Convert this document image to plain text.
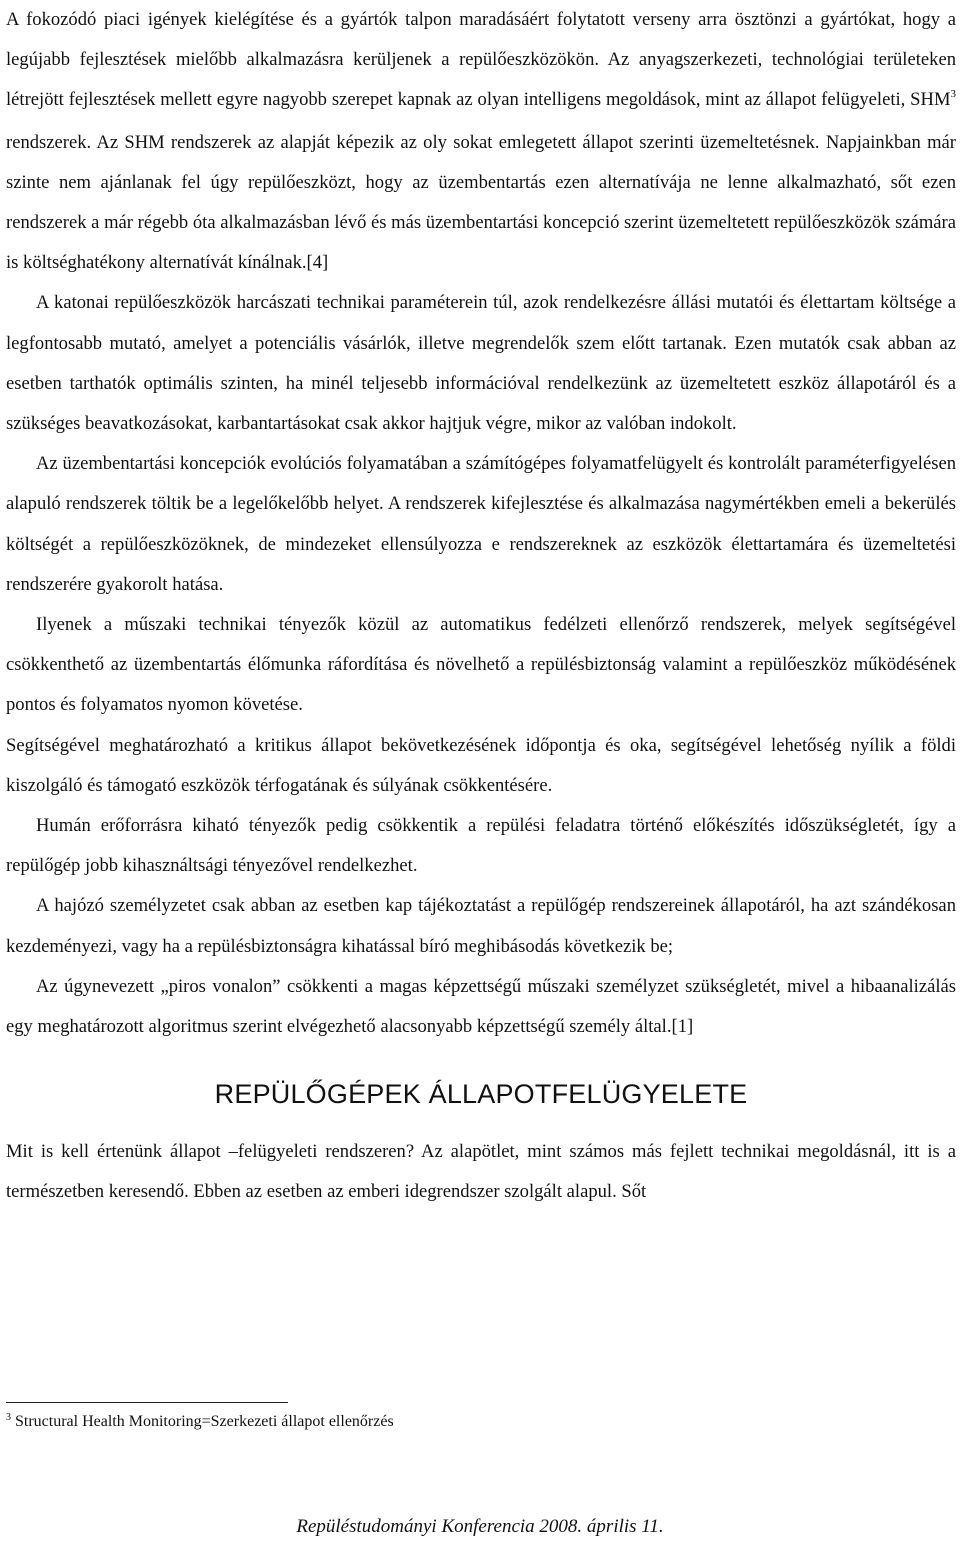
A fokozódó piaci igények kielégítése és a gyártók talpon maradásáért folytatott verseny arra ösztönzi a gyártókat, hogy a legújabb fejlesztések mielőbb alkalmazásra kerüljenek a repülőeszközökön. Az anyagszerkezeti, technológiai területeken létrejött fejlesztések mellett egyre nagyobb szerepet kapnak az olyan intelligens megoldások, mint az állapot felügyeleti, SHM$^3$ rendszerek. Az SHM rendszerek az alapját képezik az oly sokat emlegetett állapot szerinti üzemeltetésnek. Napjainkban már szinte nem ajánlanak fel úgy repülőeszközt, hogy az üzembentartás ezen alternatívája ne lenne alkalmazható, sőt ezen rendszerek a már régebb óta alkalmazásban lévő és más üzembentartási koncepció szerint üzemeltetett repülőeszközök számára is költséghatékony alternatívát kínálnak.[4]

A katonai repülőeszközök harcászati technikai paraméterein túl, azok rendelkezésre állási mutatói és élettartam költsége a legfontosabb mutató, amelyet a potenciális vásárlók, illetve megrendelők szem előtt tartanak. Ezen mutatók csak abban az esetben tarthatók optimális szinten, ha minél teljesebb információval rendelkezünk az üzemeltetett eszköz állapotáról és a szükséges beavatkozásokat, karbantartásokat csak akkor hajtjuk végre, mikor az valóban indokolt.

Az üzembentartási koncepciók evolúciós folyamatában a számítógépes folyamatfelügyelt és kontrolált paraméterfigyelésen alapuló rendszerek töltik be a legelőkelőbb helyet. A rendszerek kifejlesztése és alkalmazása nagymértékben emeli a bekerülés költségét a repülőeszközöknek, de mindezeket ellensúlyozza e rendszereknek az eszközök élettartamára és üzemeltetési rendszerére gyakorolt hatása.

Ilyenek a műszaki technikai tényezők közül az automatikus fedélzeti ellenőrző rendszerek, melyek segítségével csökkenthető az üzembentartás élőmunka ráfordítása és növelhető a repülésbiztonság valamint a repülőeszköz működésének pontos és folyamatos nyomon követése.

Segítségével meghatározható a kritikus állapot bekövetkezésének időpontja és oka, segítségével lehetőség nyílik a földi kiszolgáló és támogató eszközök térfogatának és súlyának csökkentésére.

Humán erőforrásra kiható tényezők pedig csökkentik a repülési feladatra történő előkészítés időszükségletét, így a repülőgép jobb kihasználtsági tényezővel rendelkezhet.

A hajózó személyzetet csak abban az esetben kap tájékoztatást a repülőgép rendszereinek állapotáról, ha azt szándékosan kezdeményezi, vagy ha a repülésbiztonságra kihatással bíró meghibásodás következik be;

Az úgynevezett „piros vonalon” csökkenti a magas képzettségű műszaki személyzet szükségletét, mivel a hibaanalizálás egy meghatározott algoritmus szerint elvégezhető alacsonyabb képzettségű személy által.[1]

REPÜLŐGÉPEK ÁLLAPOTFELÜGYELETE

Mit is kell értenünk állapot –felügyeleti rendszeren? Az alapötlet, mint számos más fejlett technikai megoldásnál, itt is a természetben keresendő. Ebben az esetben az emberi idegrendszer szolgált alapul. Sőt

$^3$ Structural Health Monitoring=Szerkezeti állapot ellenőrzés
Repüléstudományi Konferencia 2008. április 11.
